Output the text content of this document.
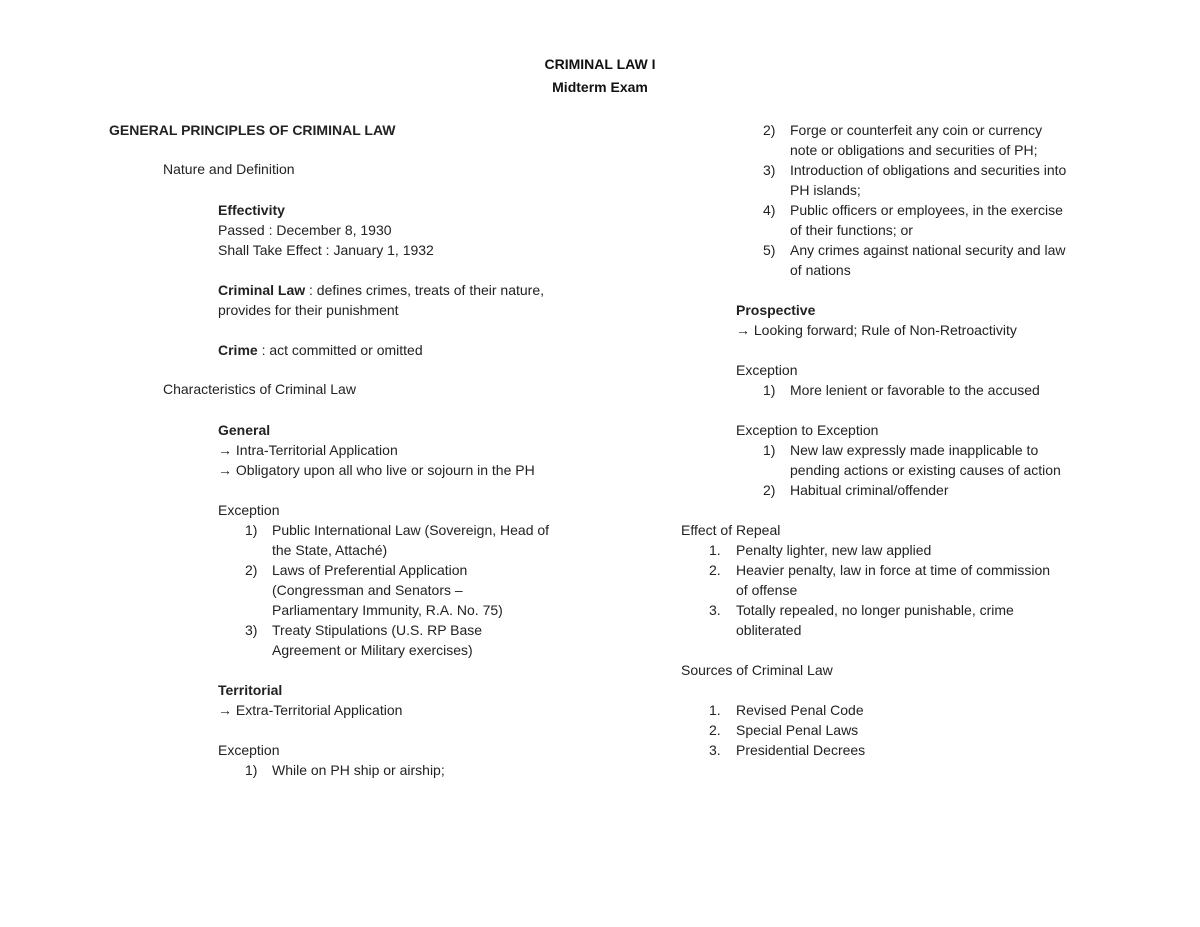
CRIMINAL LAW I
Midterm Exam
GENERAL PRINCIPLES OF CRIMINAL LAW
Nature and Definition
Effectivity
Passed : December 8, 1930
Shall Take Effect : January 1, 1932
Criminal Law : defines crimes, treats of their nature,
provides for their punishment
Crime : act committed or omitted
Characteristics of Criminal Law
General
→ Intra-Territorial Application
→ Obligatory upon all who live or sojourn in the PH
Exception
1) Public International Law (Sovereign, Head of
the State, Attaché)
2) Laws of Preferential Application
(Congressman and Senators –
Parliamentary Immunity, R.A. No. 75)
3) Treaty Stipulations (U.S. RP Base
Agreement or Military exercises)
Territorial
→ Extra-Territorial Application
Exception
1) While on PH ship or airship;
2) Forge or counterfeit any coin or currency
note or obligations and securities of PH;
3) Introduction of obligations and securities into
PH islands;
4) Public officers or employees, in the exercise
of their functions; or
5) Any crimes against national security and law
of nations
Prospective
→ Looking forward; Rule of Non-Retroactivity
Exception
1) More lenient or favorable to the accused
Exception to Exception
1) New law expressly made inapplicable to
pending actions or existing causes of action
2) Habitual criminal/offender
Effect of Repeal
1. Penalty lighter, new law applied
2. Heavier penalty, law in force at time of commission
of offense
3. Totally repealed, no longer punishable, crime
obliterated
Sources of Criminal Law
1. Revised Penal Code
2. Special Penal Laws
3. Presidential Decrees
